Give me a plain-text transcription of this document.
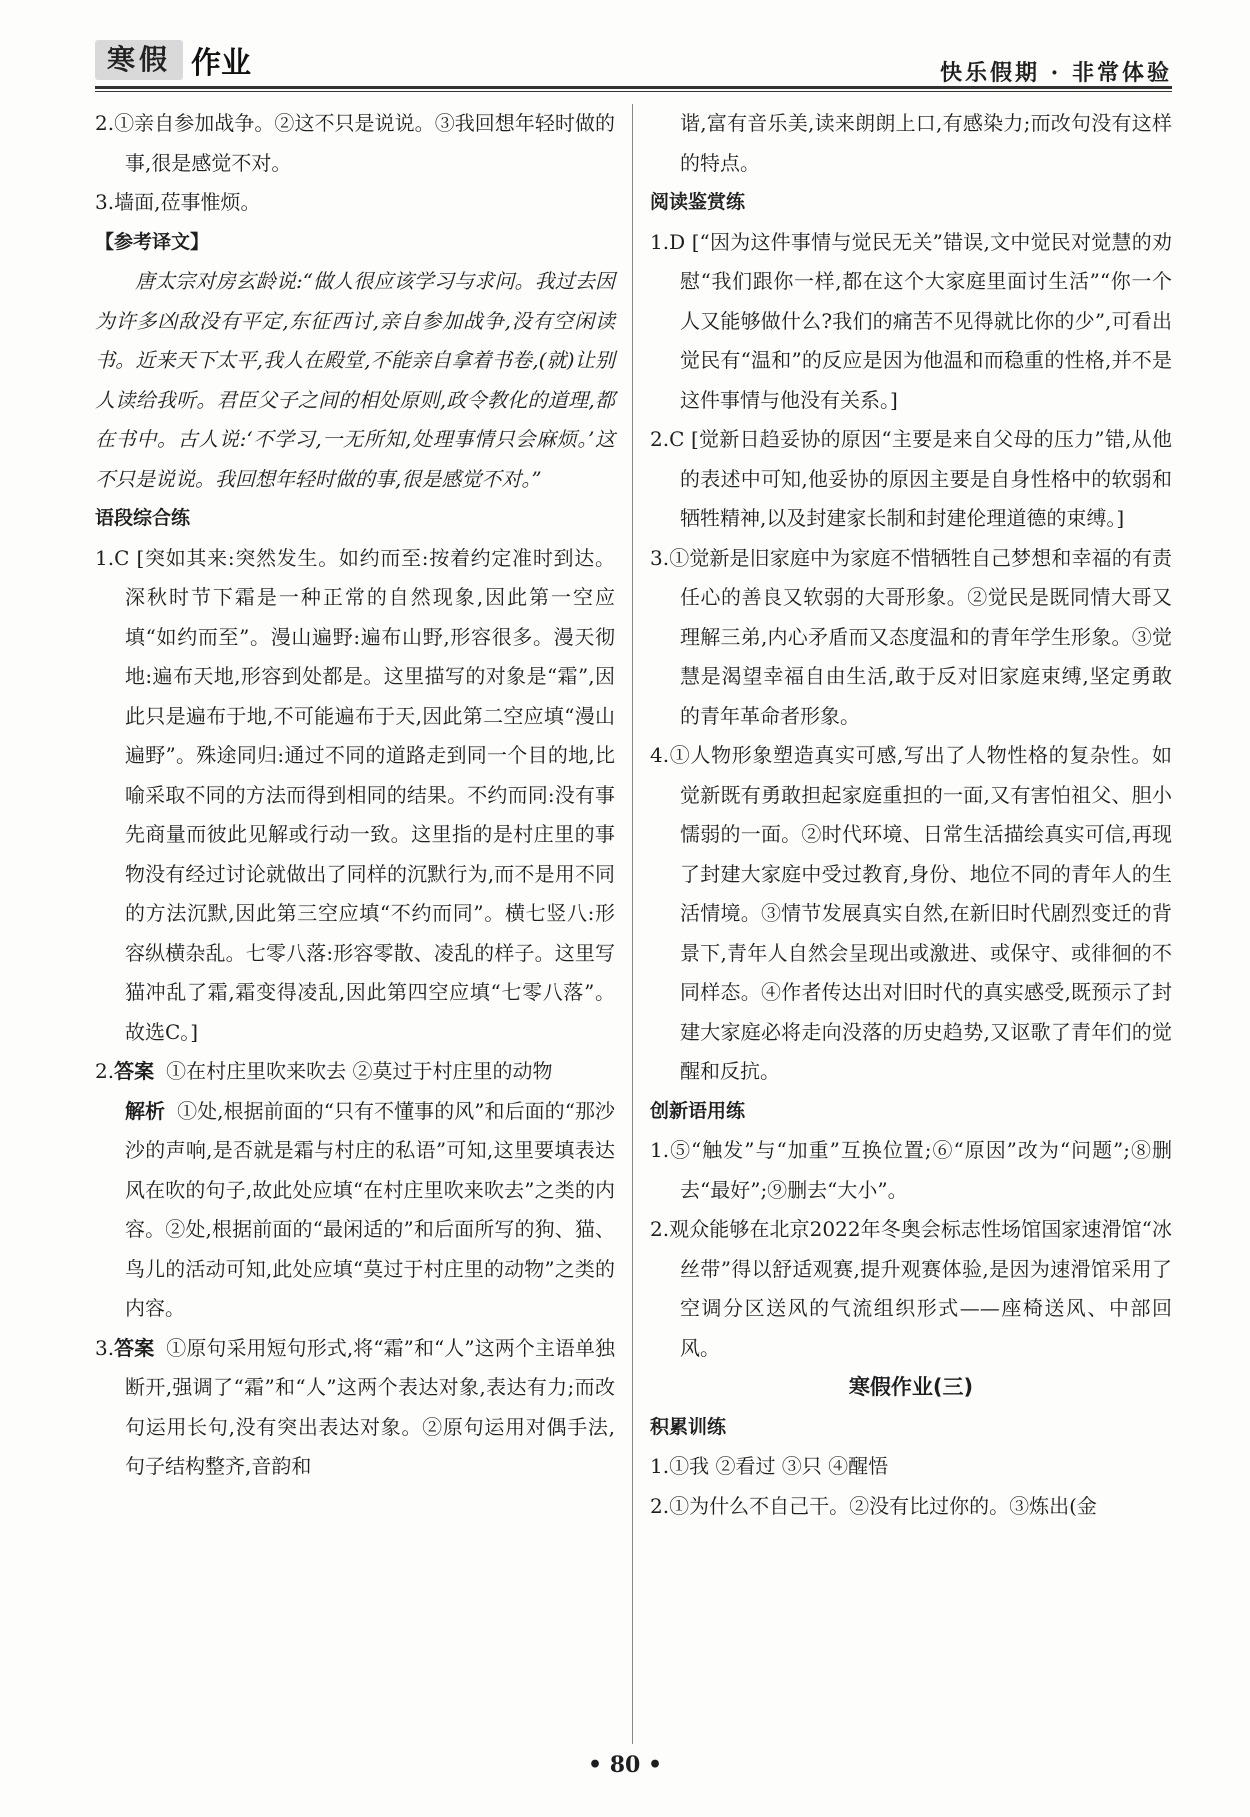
寒假 作业	快乐假期 · 非常体验

2.①亲自参加战争。②这不只是说说。③我回想年轻时做的事,很是感觉不对。

3.墙面,莅事惟烦。

【参考译文】

唐太宗对房玄龄说:“做人很应该学习与求问。我过去因为许多凶敌没有平定,东征西讨,亲自参加战争,没有空闲读书。近来天下太平,我人在殿堂,不能亲自拿着书卷,(就)让别人读给我听。君臣父子之间的相处原则,政令教化的道理,都在书中。古人说:‘不学习,一无所知,处理事情只会麻烦。’这不只是说说。我回想年轻时做的事,很是感觉不对。”

语段综合练

1.C [突如其来:突然发生。如约而至:按着约定准时到达。深秋时节下霜是一种正常的自然现象,因此第一空应填“如约而至”。漫山遍野:遍布山野,形容很多。漫天彻地:遍布天地,形容到处都是。这里描写的对象是“霜”,因此只是遍布于地,不可能遍布于天,因此第二空应填“漫山遍野”。殊途同归:通过不同的道路走到同一个目的地,比喻采取不同的方法而得到相同的结果。不约而同:没有事先商量而彼此见解或行动一致。这里指的是村庄里的事物没有经过讨论就做出了同样的沉默行为,而不是用不同的方法沉默,因此第三空应填“不约而同”。横七竖八:形容纵横杂乱。七零八落:形容零散、凌乱的样子。这里写猫冲乱了霜,霜变得凌乱,因此第四空应填“七零八落”。故选C。]

2.答案 ①在村庄里吹来吹去 ②莫过于村庄里的动物

解析 ①处,根据前面的“只有不懂事的风”和后面的“那沙沙的声响,是否就是霜与村庄的私语”可知,这里要填表达风在吹的句子,故此处应填“在村庄里吹来吹去”之类的内容。②处,根据前面的“最闲适的”和后面所写的狗、猫、鸟儿的活动可知,此处应填“莫过于村庄里的动物”之类的内容。

3.答案 ①原句采用短句形式,将“霜”和“人”这两个主语单独断开,强调了“霜”和“人”这两个表达对象,表达有力;而改句运用长句,没有突出表达对象。②原句运用对偶手法,句子结构整齐,音韵和

谐,富有音乐美,读来朗朗上口,有感染力;而改句没有这样的特点。

阅读鉴赏练

1.D [“因为这件事情与觉民无关”错误,文中觉民对觉慧的劝慰“我们跟你一样,都在这个大家庭里面讨生活”“你一个人又能够做什么?我们的痛苦不见得就比你的少”,可看出觉民有“温和”的反应是因为他温和而稳重的性格,并不是这件事情与他没有关系。]

2.C [觉新日趋妥协的原因“主要是来自父母的压力”错,从他的表述中可知,他妥协的原因主要是自身性格中的软弱和牺牲精神,以及封建家长制和封建伦理道德的束缚。]

3.①觉新是旧家庭中为家庭不惜牺牲自己梦想和幸福的有责任心的善良又软弱的大哥形象。②觉民是既同情大哥又理解三弟,内心矛盾而又态度温和的青年学生形象。③觉慧是渴望幸福自由生活,敢于反对旧家庭束缚,坚定勇敢的青年革命者形象。

4.①人物形象塑造真实可感,写出了人物性格的复杂性。如觉新既有勇敢担起家庭重担的一面,又有害怕祖父、胆小懦弱的一面。②时代环境、日常生活描绘真实可信,再现了封建大家庭中受过教育,身份、地位不同的青年人的生活情境。③情节发展真实自然,在新旧时代剧烈变迁的背景下,青年人自然会呈现出或激进、或保守、或徘徊的不同样态。④作者传达出对旧时代的真实感受,既预示了封建大家庭必将走向没落的历史趋势,又讴歌了青年们的觉醒和反抗。

创新语用练

1.⑤“触发”与“加重”互换位置;⑥“原因”改为“问题”;⑧删去“最好”;⑨删去“大小”。

2.观众能够在北京2022年冬奥会标志性场馆国家速滑馆“冰丝带”得以舒适观赛,提升观赛体验,是因为速滑馆采用了空调分区送风的气流组织形式——座椅送风、中部回风。

寒假作业(三)

积累训练

1.①我 ②看过 ③只 ④醒悟

2.①为什么不自己干。②没有比过你的。③炼出(金

• 80 •
